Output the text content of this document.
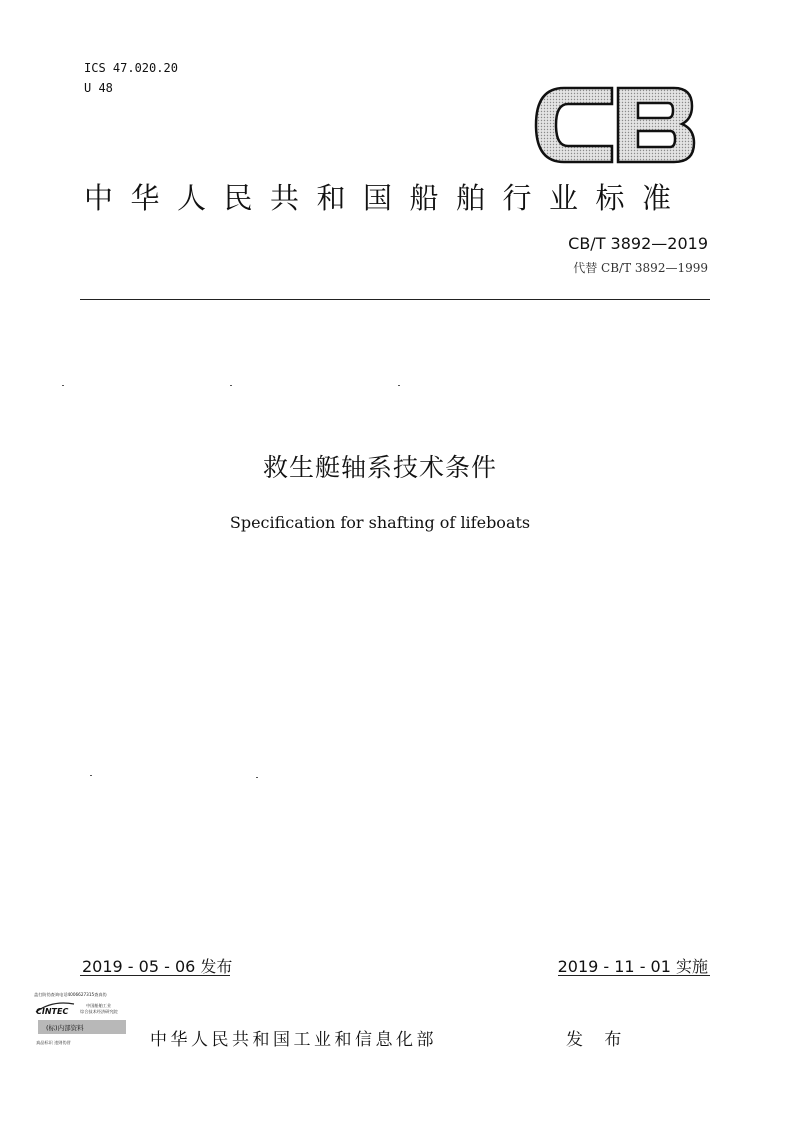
ICS 47.020.20
U 48
中华人民共和国船舶行业标准
CB/T 3892—2019
代替 CB/T 3892—1999
救生艇轴系技术条件
Specification for shafting of lifeboats
2019 - 05 - 06 发布	2019 - 11 - 01 实施
盖打防伪查询电话4006627315查真伪
CINTEC
中国船舶工业
综合技术经济研究院
(标)内部资料
真品标识 违则伪冒	中华人民共和国工业和信息化部	发 布
